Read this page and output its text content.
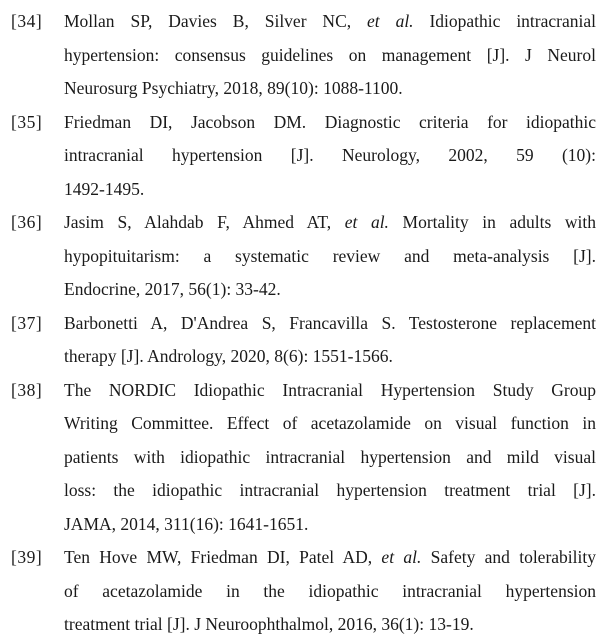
[34] Mollan SP, Davies B, Silver NC, et al. Idiopathic intracranial
hypertension: consensus guidelines on management [J]. J Neurol
Neurosurg Psychiatry, 2018, 89(10): 1088-1100.
[35] Friedman DI, Jacobson DM. Diagnostic criteria for idiopathic
intracranial hypertension [J]. Neurology, 2002, 59 (10):
1492-1495.
[36] Jasim S, Alahdab F, Ahmed AT, et al. Mortality in adults with
hypopituitarism: a systematic review and meta-analysis [J].
Endocrine, 2017, 56(1): 33-42.
[37] Barbonetti A, D'Andrea S, Francavilla S. Testosterone replacement
therapy [J]. Andrology, 2020, 8(6): 1551-1566.
[38] The NORDIC Idiopathic Intracranial Hypertension Study Group
Writing Committee. Effect of acetazolamide on visual function in
patients with idiopathic intracranial hypertension and mild visual
loss: the idiopathic intracranial hypertension treatment trial [J].
JAMA, 2014, 311(16): 1641-1651.
[39] Ten Hove MW, Friedman DI, Patel AD, et al. Safety and tolerability
of acetazolamide in the idiopathic intracranial hypertension
treatment trial [J]. J Neuroophthalmol, 2016, 36(1): 13-19.
